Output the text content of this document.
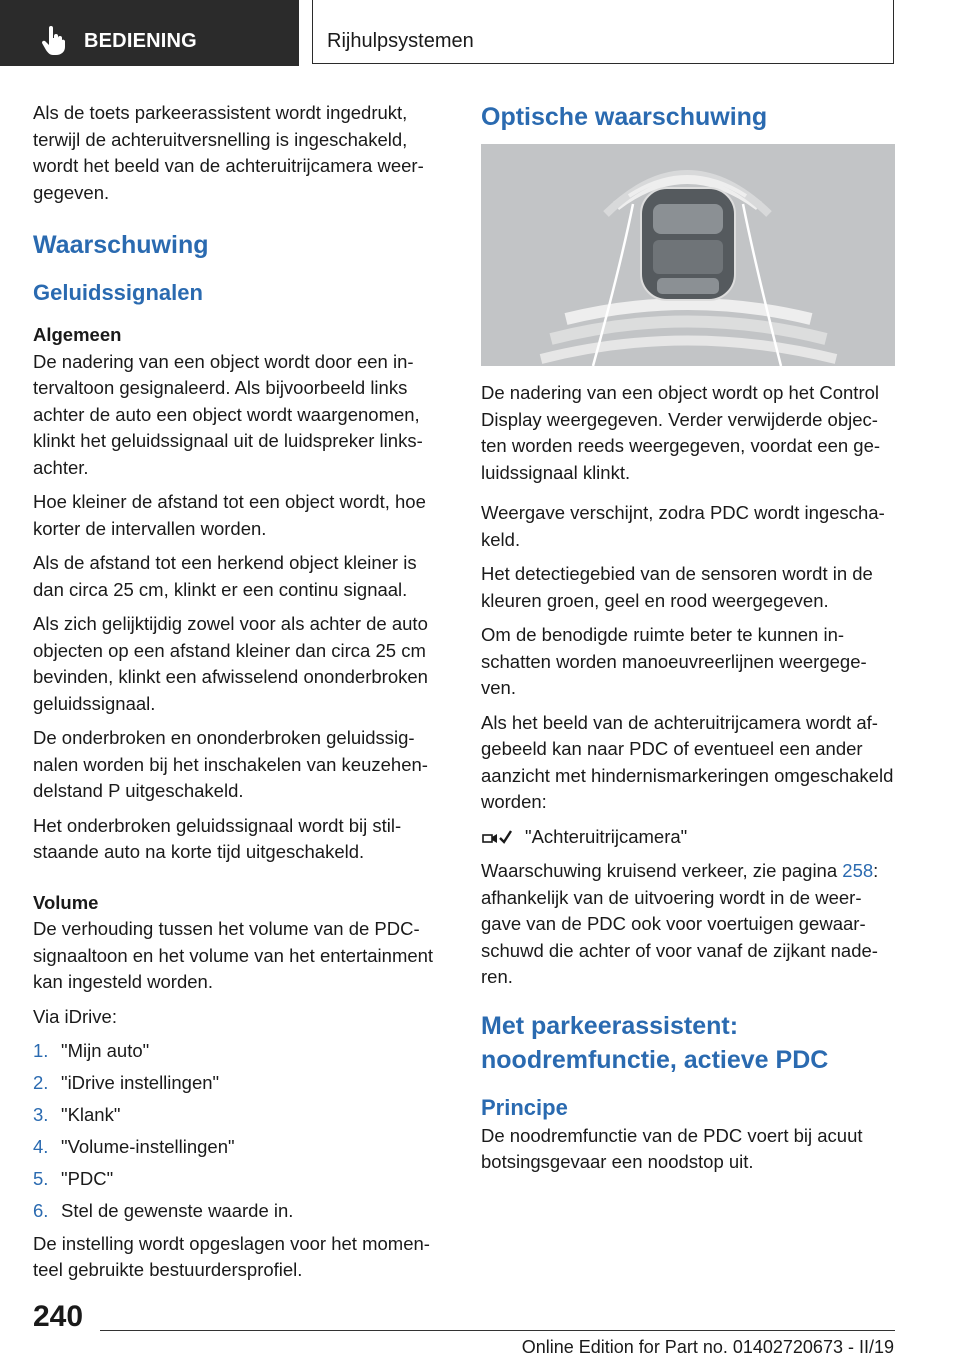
BEDIENING	Rijhulpsystemen

Als de toets parkeerassistent wordt ingedrukt, terwijl de achteruitversnelling is ingeschakeld, wordt het beeld van de achteruitrijcamera weergegeven.

Waarschuwing
Geluidssignalen
Algemeen

De nadering van een object wordt door een intervaltoon gesignaleerd. Als bijvoorbeeld links achter de auto een object wordt waargenomen, klinkt het geluidssignaal uit de luidspreker linksachter.

Hoe kleiner de afstand tot een object wordt, hoe korter de intervallen worden.

Als de afstand tot een herkend object kleiner is dan circa 25 cm, klinkt er een continu signaal.

Als zich gelijktijdig zowel voor als achter de auto objecten op een afstand kleiner dan circa 25 cm bevinden, klinkt een afwisselend ononderbroken geluidssignaal.

De onderbroken en ononderbroken geluidssignalen worden bij het inschakelen van keuzehendelstand P uitgeschakeld.

Het onderbroken geluidssignaal wordt bij stilstaande auto na korte tijd uitgeschakeld.

Volume

De verhouding tussen het volume van de PDC-signaaltoon en het volume van het entertainment kan ingesteld worden.

Via iDrive:

1. "Mijn auto"
2. "iDrive instellingen"
3. "Klank"
4. "Volume-instellingen"
5. "PDC"
6. Stel de gewenste waarde in.

De instelling wordt opgeslagen voor het momenteel gebruikte bestuurdersprofiel.

Optische waarschuwing

De nadering van een object wordt op het Control Display weergegeven. Verder verwijderde objecten worden reeds weergegeven, voordat een geluidssignaal klinkt.

Weergave verschijnt, zodra PDC wordt ingeschakeld.

Het detectiegebied van de sensoren wordt in de kleuren groen, geel en rood weergegeven.

Om de benodigde ruimte beter te kunnen inschatten worden manoeuvreerlijnen weergegeven.

Als het beeld van de achteruitrijcamera wordt afgebeeld kan naar PDC of eventueel een ander aanzicht met hindernismarkeringen omgeschakeld worden:

"Achteruitrijcamera"

Waarschuwing kruisend verkeer, zie pagina 258: afhankelijk van de uitvoering wordt in de weergave van de PDC ook voor voertuigen gewaarschuwd die achter of voor vanaf de zijkant naderen.

Met parkeerassistent: noodremfunctie, actieve PDC
Principe

De noodremfunctie van de PDC voert bij acuut botsingsgevaar een noodstop uit.

240
Online Edition for Part no. 01402720673 - II/19
